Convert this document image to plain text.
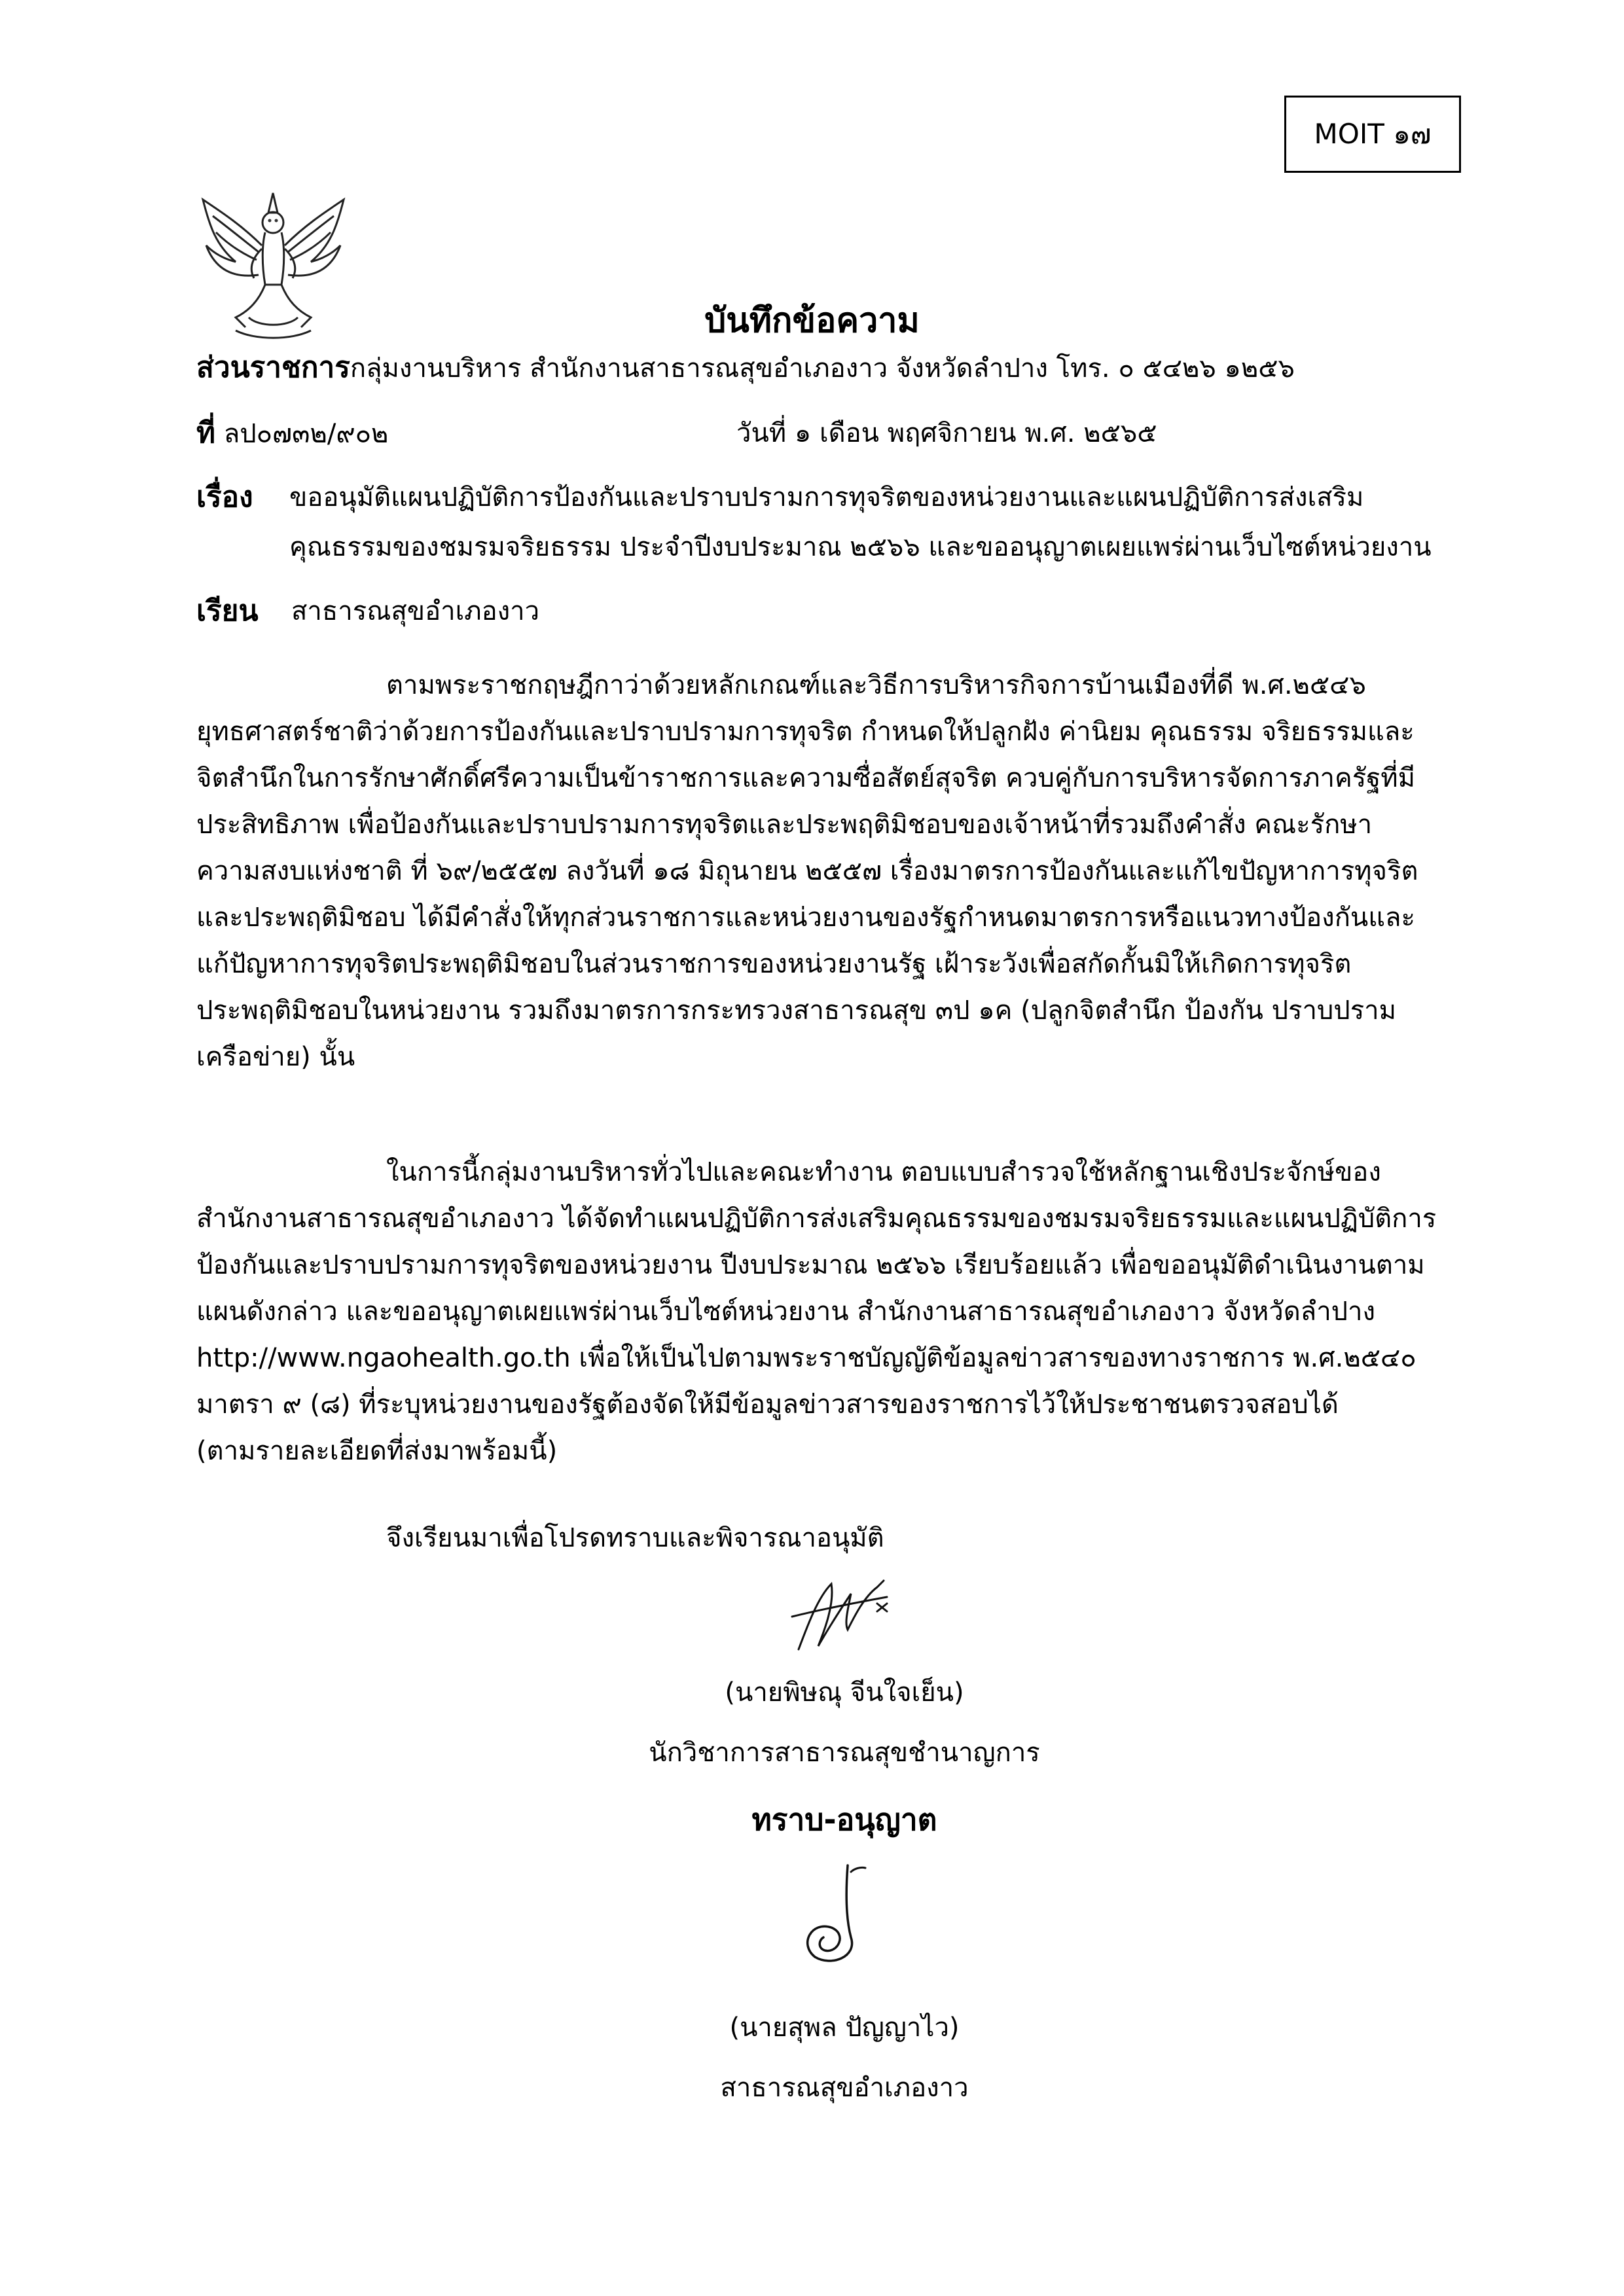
MOIT ๑๗
บันทึกข้อความ
ส่วนราชการกลุ่มงานบริหาร สำนักงานสาธารณสุขอำเภองาว จังหวัดลำปาง โทร. ๐ ๕๔๒๖ ๑๒๕๖
ที่ ลป๐๗๓๒/๙๐๒	วันที่ ๑ เดือน พฤศจิกายน พ.ศ. ๒๕๖๕
เรื่อง ขออนุมัติแผนปฏิบัติการป้องกันและปราบปรามการทุจริตของหน่วยงานและแผนปฏิบัติการส่งเสริม
คุณธรรมของชมรมจริยธรรม ประจำปีงบประมาณ ๒๕๖๖ และขออนุญาตเผยแพร่ผ่านเว็บไซต์หน่วยงาน
เรียน สาธารณสุขอำเภองาว

ตามพระราชกฤษฎีกาว่าด้วยหลักเกณฑ์และวิธีการบริหารกิจการบ้านเมืองที่ดี พ.ศ.๒๕๔๖

ยุทธศาสตร์ชาติว่าด้วยการป้องกันและปราบปรามการทุจริต กำหนดให้ปลูกฝัง ค่านิยม คุณธรรม จริยธรรมและ

จิตสำนึกในการรักษาศักดิ์ศรีความเป็นข้าราชการและความซื่อสัตย์สุจริต ควบคู่กับการบริหารจัดการภาครัฐที่มี

ประสิทธิภาพ เพื่อป้องกันและปราบปรามการทุจริตและประพฤติมิชอบของเจ้าหน้าที่รวมถึงคำสั่ง คณะรักษา

ความสงบแห่งชาติ ที่ ๖๙/๒๕๕๗ ลงวันที่ ๑๘ มิถุนายน ๒๕๕๗ เรื่องมาตรการป้องกันและแก้ไขปัญหาการทุจริต

และประพฤติมิชอบ ได้มีคำสั่งให้ทุกส่วนราชการและหน่วยงานของรัฐกำหนดมาตรการหรือแนวทางป้องกันและ

แก้ปัญหาการทุจริตประพฤติมิชอบในส่วนราชการของหน่วยงานรัฐ เฝ้าระวังเพื่อสกัดกั้นมิให้เกิดการทุจริต

ประพฤติมิชอบในหน่วยงาน รวมถึงมาตรการกระทรวงสาธารณสุข ๓ป ๑ค (ปลูกจิตสำนึก ป้องกัน ปราบปราม

เครือข่าย) นั้น

ในการนี้กลุ่มงานบริหารทั่วไปและคณะทำงาน ตอบแบบสำรวจใช้หลักฐานเชิงประจักษ์ของ

สำนักงานสาธารณสุขอำเภองาว ได้จัดทำแผนปฏิบัติการส่งเสริมคุณธรรมของชมรมจริยธรรมและแผนปฏิบัติการ

ป้องกันและปราบปรามการทุจริตของหน่วยงาน ปีงบประมาณ ๒๕๖๖ เรียบร้อยแล้ว เพื่อขออนุมัติดำเนินงานตาม

แผนดังกล่าว และขออนุญาตเผยแพร่ผ่านเว็บไซต์หน่วยงาน สำนักงานสาธารณสุขอำเภองาว จังหวัดลำปาง

http://www.ngaohealth.go.th เพื่อให้เป็นไปตามพระราชบัญญัติข้อมูลข่าวสารของทางราชการ พ.ศ.๒๕๔๐

มาตรา ๙ (๘) ที่ระบุหน่วยงานของรัฐต้องจัดให้มีข้อมูลข่าวสารของราชการไว้ให้ประชาชนตรวจสอบได้

(ตามรายละเอียดที่ส่งมาพร้อมนี้)

จึงเรียนมาเพื่อโปรดทราบและพิจารณาอนุมัติ
(นายพิษณุ จีนใจเย็น)
นักวิชาการสาธารณสุขชำนาญการ
ทราบ-อนุญาต
(นายสุพล ปัญญาไว)
สาธารณสุขอำเภองาว
